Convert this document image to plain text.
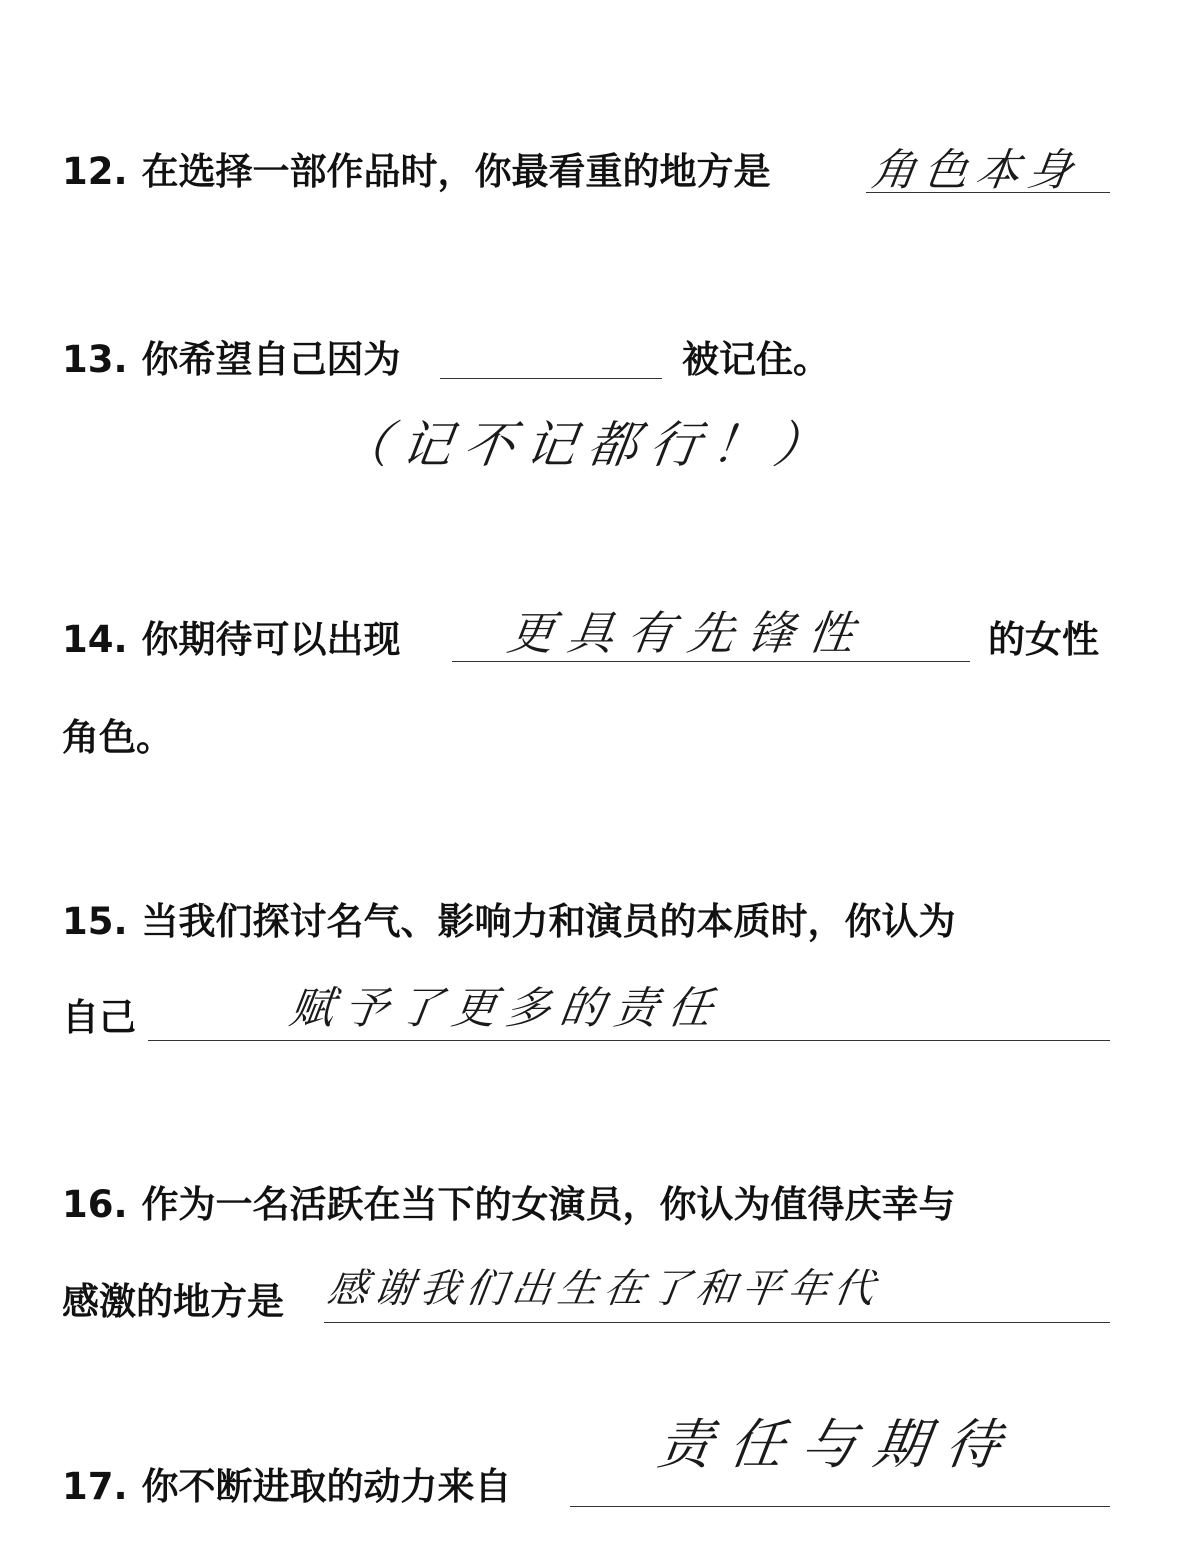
12. 在选择一部作品时，你最看重的地方是 角色本身
13. 你希望自己因为	被记住。
（记不记都行！）
14. 你期待可以出现 更具有先锋性	的女性
角色。
15. 当我们探讨名气、影响力和演员的本质时，你认为
自己	赋予了更多的责任
16. 作为一名活跃在当下的女演员，你认为值得庆幸与
感激的地方是 感谢我们出生在了和平年代
17. 你不断进取的动力来自
责任与期待
